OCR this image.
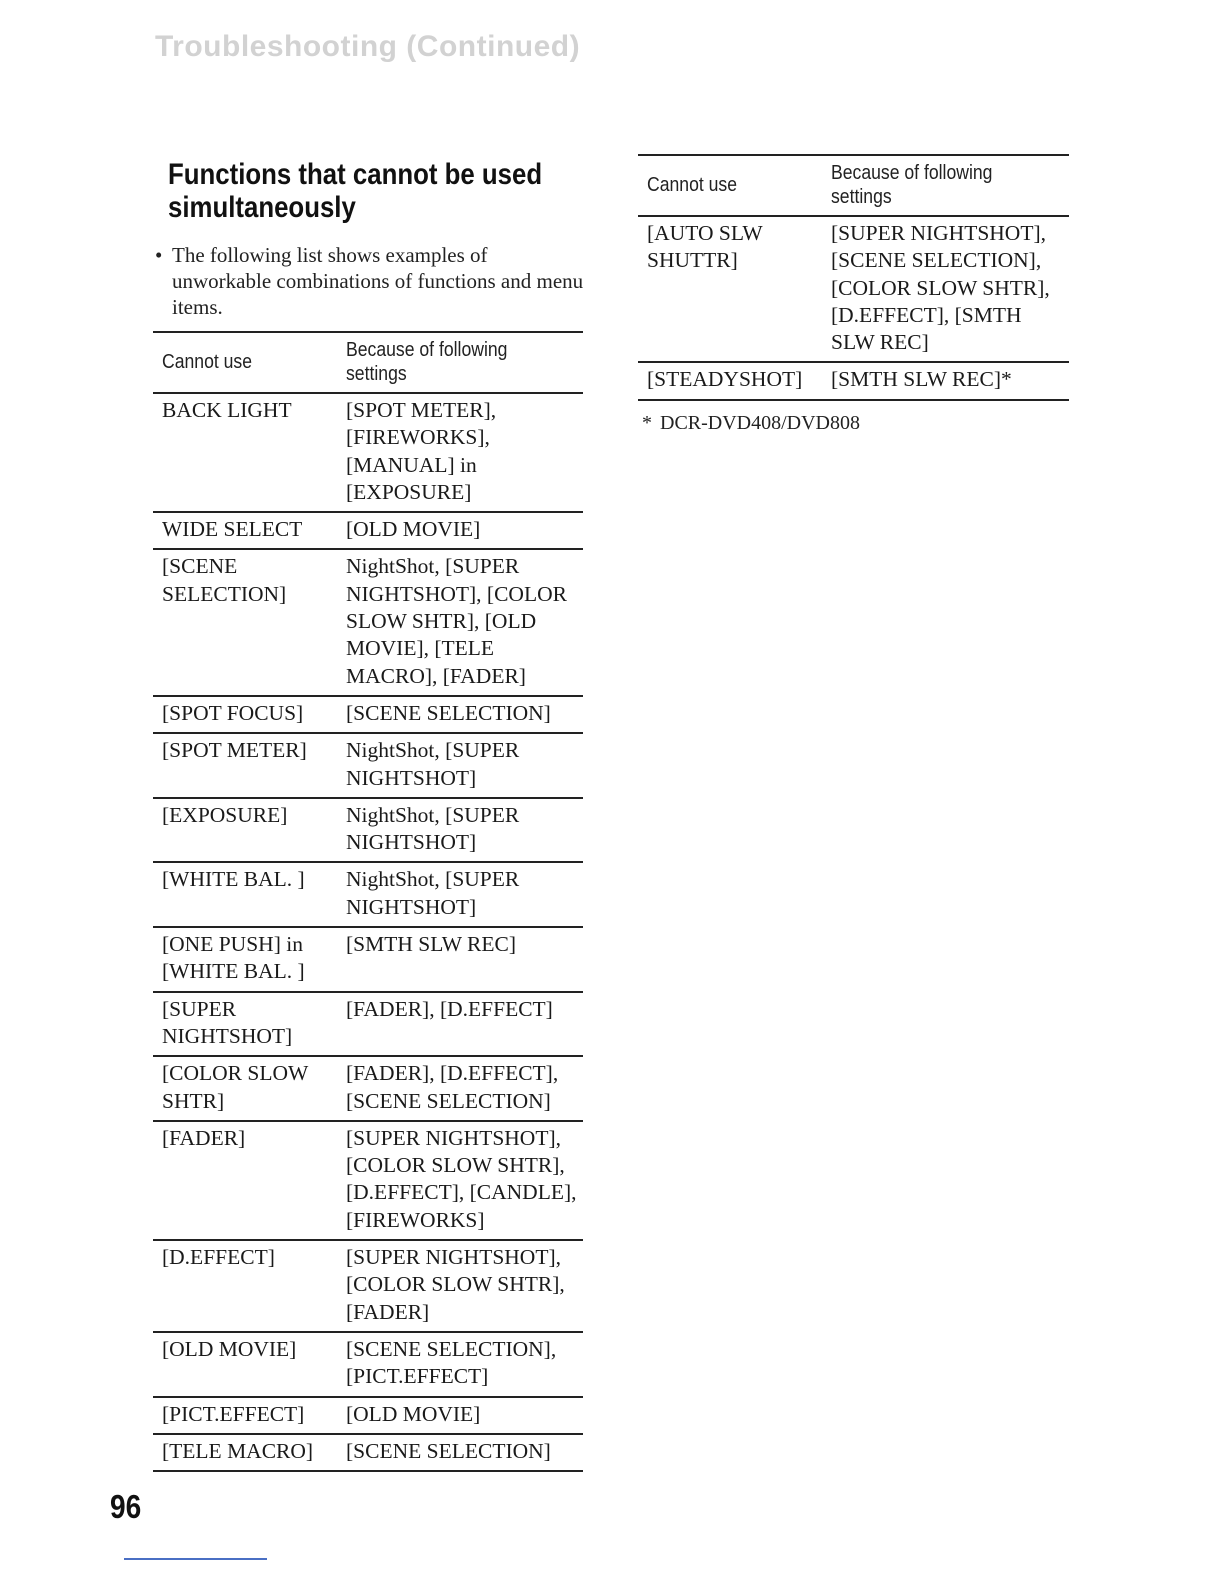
Troubleshooting (Continued)
Functions that cannot be used
simultaneously
• The following list shows examples of unworkable combinations of functions and menu items.
Cannot use	Because of following
settings
BACK LIGHT	[SPOT METER], [FIREWORKS], [MANUAL] in [EXPOSURE]
WIDE SELECT	[OLD MOVIE]
[SCENE SELECTION]	NightShot, [SUPER NIGHTSHOT], [COLOR SLOW SHTR], [OLD MOVIE], [TELE MACRO], [FADER]
[SPOT FOCUS]	[SCENE SELECTION]
[SPOT METER]	NightShot, [SUPER NIGHTSHOT]
[EXPOSURE]	NightShot, [SUPER NIGHTSHOT]
[WHITE BAL. ]	NightShot, [SUPER NIGHTSHOT]
[ONE PUSH] in [WHITE BAL. ]	[SMTH SLW REC]
[SUPER NIGHTSHOT]	[FADER], [D.EFFECT]
[COLOR SLOW SHTR]	[FADER], [D.EFFECT], [SCENE SELECTION]
[FADER]	[SUPER NIGHTSHOT], [COLOR SLOW SHTR], [D.EFFECT], [CANDLE], [FIREWORKS]
[D.EFFECT]	[SUPER NIGHTSHOT], [COLOR SLOW SHTR], [FADER]
[OLD MOVIE]	[SCENE SELECTION], [PICT.EFFECT]
[PICT.EFFECT]	[OLD MOVIE]
[TELE MACRO]	[SCENE SELECTION]
Cannot use	Because of following
settings
[AUTO SLW SHUTTR]	[SUPER NIGHTSHOT], [SCENE SELECTION], [COLOR SLOW SHTR], [D.EFFECT], [SMTH SLW REC]
[STEADYSHOT]	[SMTH SLW REC]*
* DCR-DVD408/DVD808
96
